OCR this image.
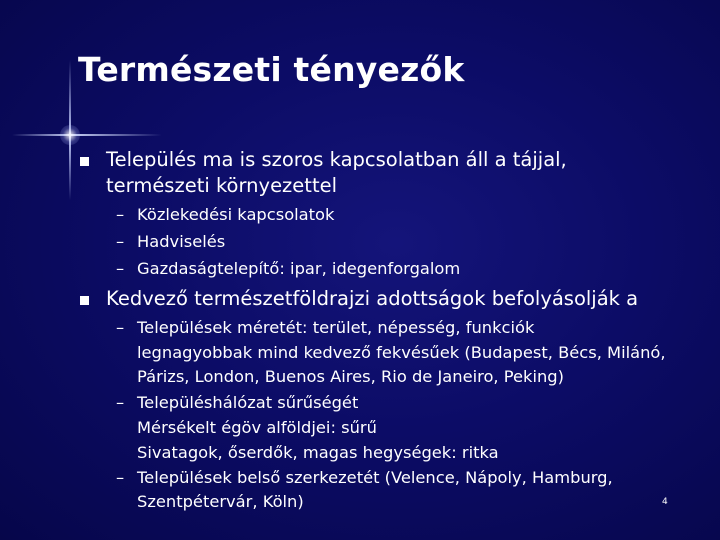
Természeti tényezők
Település ma is szoros kapcsolatban áll a tájjal,
természeti környezettel
– Közlekedési kapcsolatok
– Hadviselés
– Gazdaságtelepítő: ipar, idegenforgalom
Kedvező természetföldrajzi adottságok befolyásolják a
– Települések méretét: terület, népesség, funkciók
legnagyobbak mind kedvező fekvésűek (Budapest, Bécs, Milánó,
Párizs, London, Buenos Aires, Rio de Janeiro, Peking)
– Településhálózat sűrűségét
Mérsékelt égöv alföldjei: sűrű
Sivatagok, őserdők, magas hegységek: ritka
– Települések belső szerkezetét (Velence, Nápoly, Hamburg,
Szentpétervár, Köln)	4
